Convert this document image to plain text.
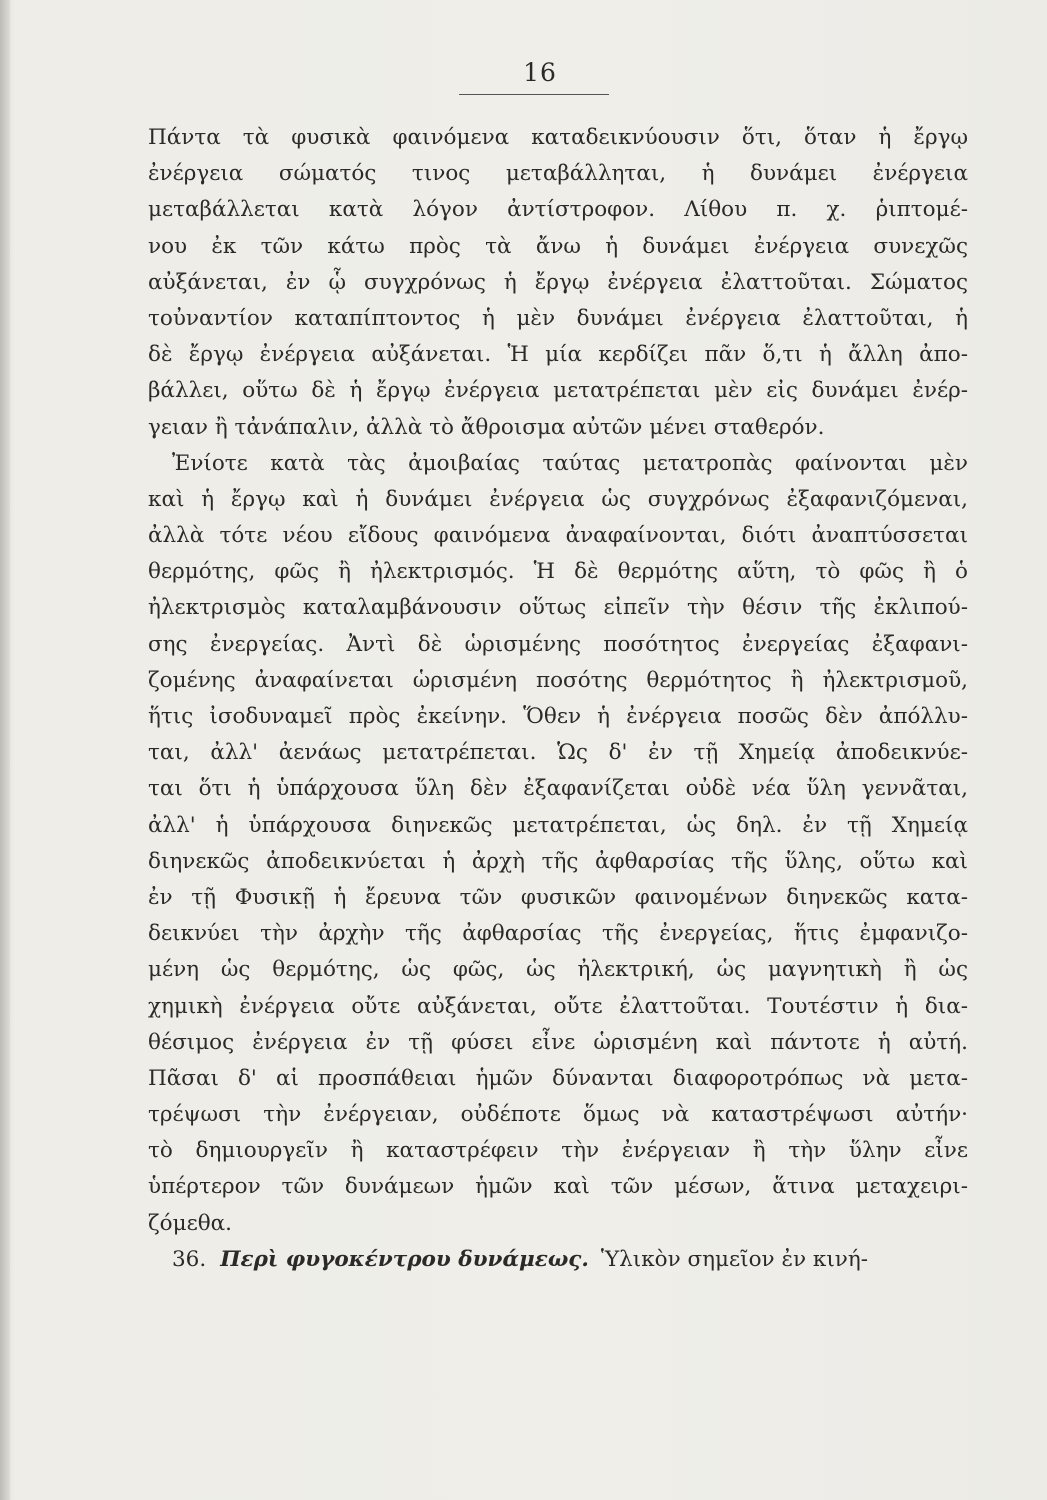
16
Πάντα τὰ φυσικὰ φαινόμενα καταδεικνύουσιν ὅτι, ὅταν ἡ ἔργῳ
ἐνέργεια σώματός τινος μεταβάλληται, ἡ δυνάμει ἐνέργεια
μεταβάλλεται κατὰ λόγον ἀντίστροφον. Λίθου π. χ. ῥιπτομέ-
νου ἐκ τῶν κάτω πρὸς τὰ ἄνω ἡ δυνάμει ἐνέργεια συνεχῶς
αὐξάνεται, ἐν ᾧ συγχρόνως ἡ ἔργῳ ἐνέργεια ἐλαττοῦται. Σώματος
τοὐναντίον καταπίπτοντος ἡ μὲν δυνάμει ἐνέργεια ἐλαττοῦται, ἡ
δὲ ἔργῳ ἐνέργεια αὐξάνεται. Ἡ μία κερδίζει πᾶν ὅ,τι ἡ ἄλλη ἀπο-
βάλλει, οὕτω δὲ ἡ ἔργῳ ἐνέργεια μετατρέπεται μὲν εἰς δυνάμει ἐνέρ-
γειαν ἢ τἀνάπαλιν, ἀλλὰ τὸ ἄθροισμα αὐτῶν μένει σταθερόν.
Ἐνίοτε κατὰ τὰς ἀμοιβαίας ταύτας μετατροπὰς φαίνονται μὲν
καὶ ἡ ἔργῳ καὶ ἡ δυνάμει ἐνέργεια ὡς συγχρόνως ἐξαφανιζόμεναι,
ἀλλὰ τότε νέου εἴδους φαινόμενα ἀναφαίνονται, διότι ἀναπτύσσεται
θερμότης, φῶς ἢ ἠλεκτρισμός. Ἡ δὲ θερμότης αὕτη, τὸ φῶς ἢ ὁ
ἠλεκτρισμὸς καταλαμβάνουσιν οὕτως εἰπεῖν τὴν θέσιν τῆς ἐκλιπού-
σης ἐνεργείας. Ἀντὶ δὲ ὡρισμένης ποσότητος ἐνεργείας ἐξαφανι-
ζομένης ἀναφαίνεται ὡρισμένη ποσότης θερμότητος ἢ ἠλεκτρισμοῦ,
ἥτις ἰσοδυναμεῖ πρὸς ἐκείνην. Ὅθεν ἡ ἐνέργεια ποσῶς δὲν ἀπόλλυ-
ται, ἀλλ' ἀενάως μετατρέπεται. Ὡς δ' ἐν τῇ Χημείᾳ ἀποδεικνύε-
ται ὅτι ἡ ὑπάρχουσα ὕλη δὲν ἐξαφανίζεται οὐδὲ νέα ὕλη γεννᾶται,
ἀλλ' ἡ ὑπάρχουσα διηνεκῶς μετατρέπεται, ὡς δηλ. ἐν τῇ Χημείᾳ
διηνεκῶς ἀποδεικνύεται ἡ ἀρχὴ τῆς ἀφθαρσίας τῆς ὕλης, οὕτω καὶ
ἐν τῇ Φυσικῇ ἡ ἔρευνα τῶν φυσικῶν φαινομένων διηνεκῶς κατα-
δεικνύει τὴν ἀρχὴν τῆς ἀφθαρσίας τῆς ἐνεργείας, ἥτις ἐμφανιζο-
μένη ὡς θερμότης, ὡς φῶς, ὡς ἠλεκτρική, ὡς μαγνητικὴ ἢ ὡς
χημικὴ ἐνέργεια οὔτε αὐξάνεται, οὔτε ἐλαττοῦται. Τουτέστιν ἡ δια-
θέσιμος ἐνέργεια ἐν τῇ φύσει εἶνε ὡρισμένη καὶ πάντοτε ἡ αὐτή.
Πᾶσαι δ' αἱ προσπάθειαι ἡμῶν δύνανται διαφοροτρόπως νὰ μετα-
τρέψωσι τὴν ἐνέργειαν, οὐδέποτε ὅμως νὰ καταστρέψωσι αὐτήν·
τὸ δημιουργεῖν ἢ καταστρέφειν τὴν ἐνέργειαν ἢ τὴν ὕλην εἶνε
ὑπέρτερον τῶν δυνάμεων ἡμῶν καὶ τῶν μέσων, ἅτινα μεταχειρι-
ζόμεθα.
36. Περὶ φυγοκέντρου δυνάμεως. Ὑλικὸν σημεῖον ἐν κινή-
